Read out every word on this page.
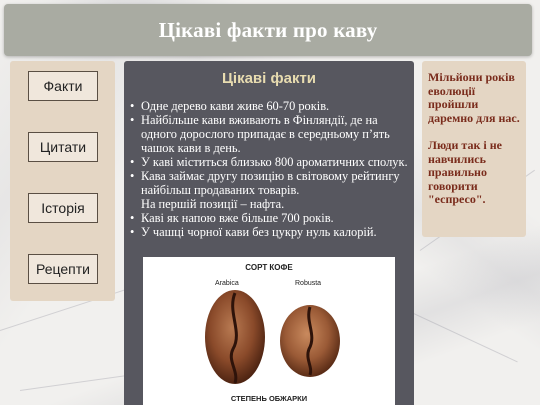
Цікаві факти про каву
Факти
Цитати
Історія
Рецепти
Цікаві факти
• Одне дерево кави живе 60-70 років.
• Найбільше кави вживають в Фінляндії, де на одного дорослого припадає в середньому п’ять чашок кави в день.
• У каві міститься близько 800 ароматичних сполук.
• Кава займає другу позицію в світовому рейтингу найбільш продаваних товарів.
На першій позиції – нафта.
• Каві як напою вже більше 700 років.
• У чашці чорної кави без цукру нуль калорій.
СОРТ КОФЕ
Arabica	Robusta
СТЕПЕНЬ ОБЖАРКИ

Мільйони років еволюції пройшли даремно для нас.

Люди так і не навчились правильно говорити "еспресо".
